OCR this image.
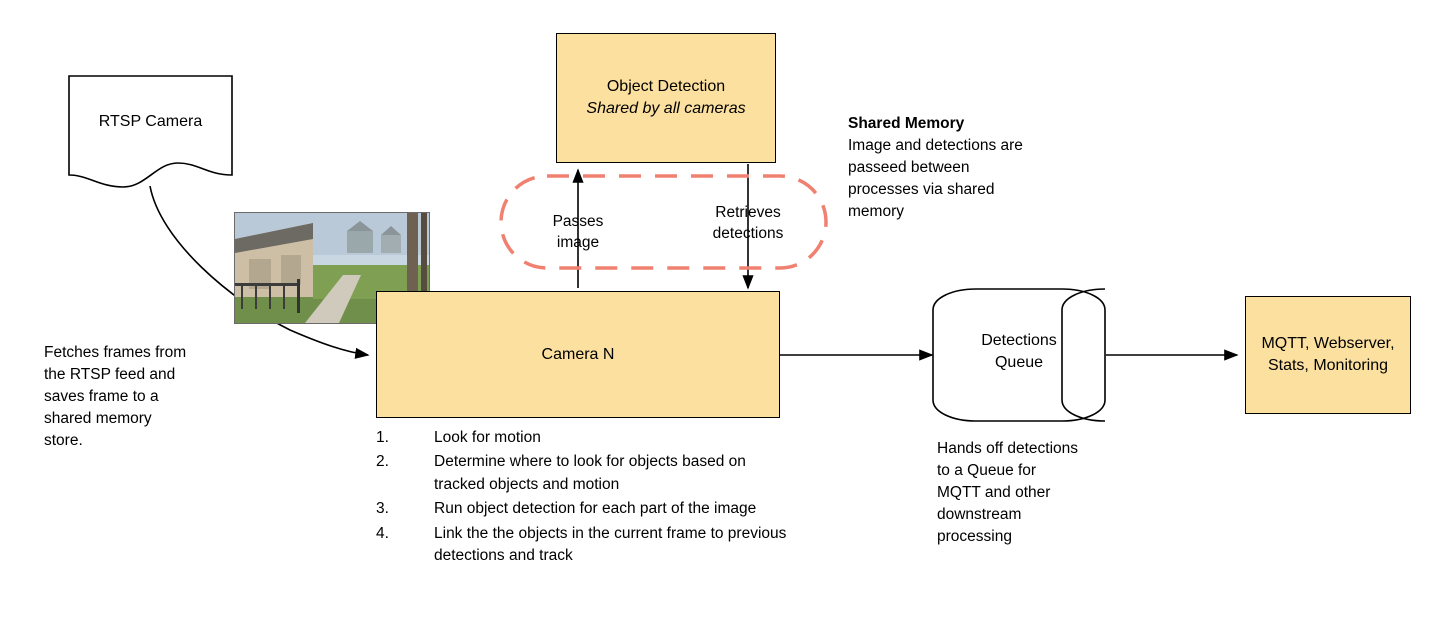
RTSP Camera
Object Detection
Shared by all cameras
Camera N
Detections
Queue
MQTT, Webserver,
Stats, Monitoring
Passes
image
Retrieves
detections
Shared Memory
Image and detections are
passeed between
processes via shared
memory
Fetches frames from
the RTSP feed and
saves frame to a
shared memory
store.	Hands off detections
to a Queue for
MQTT and other
downstream
processing
1.	Look for motion
2.	Determine where to look for objects based on tracked objects and motion
3.	Run object detection for each part of the image
4.	Link the the objects in the current frame to previous detections and track
